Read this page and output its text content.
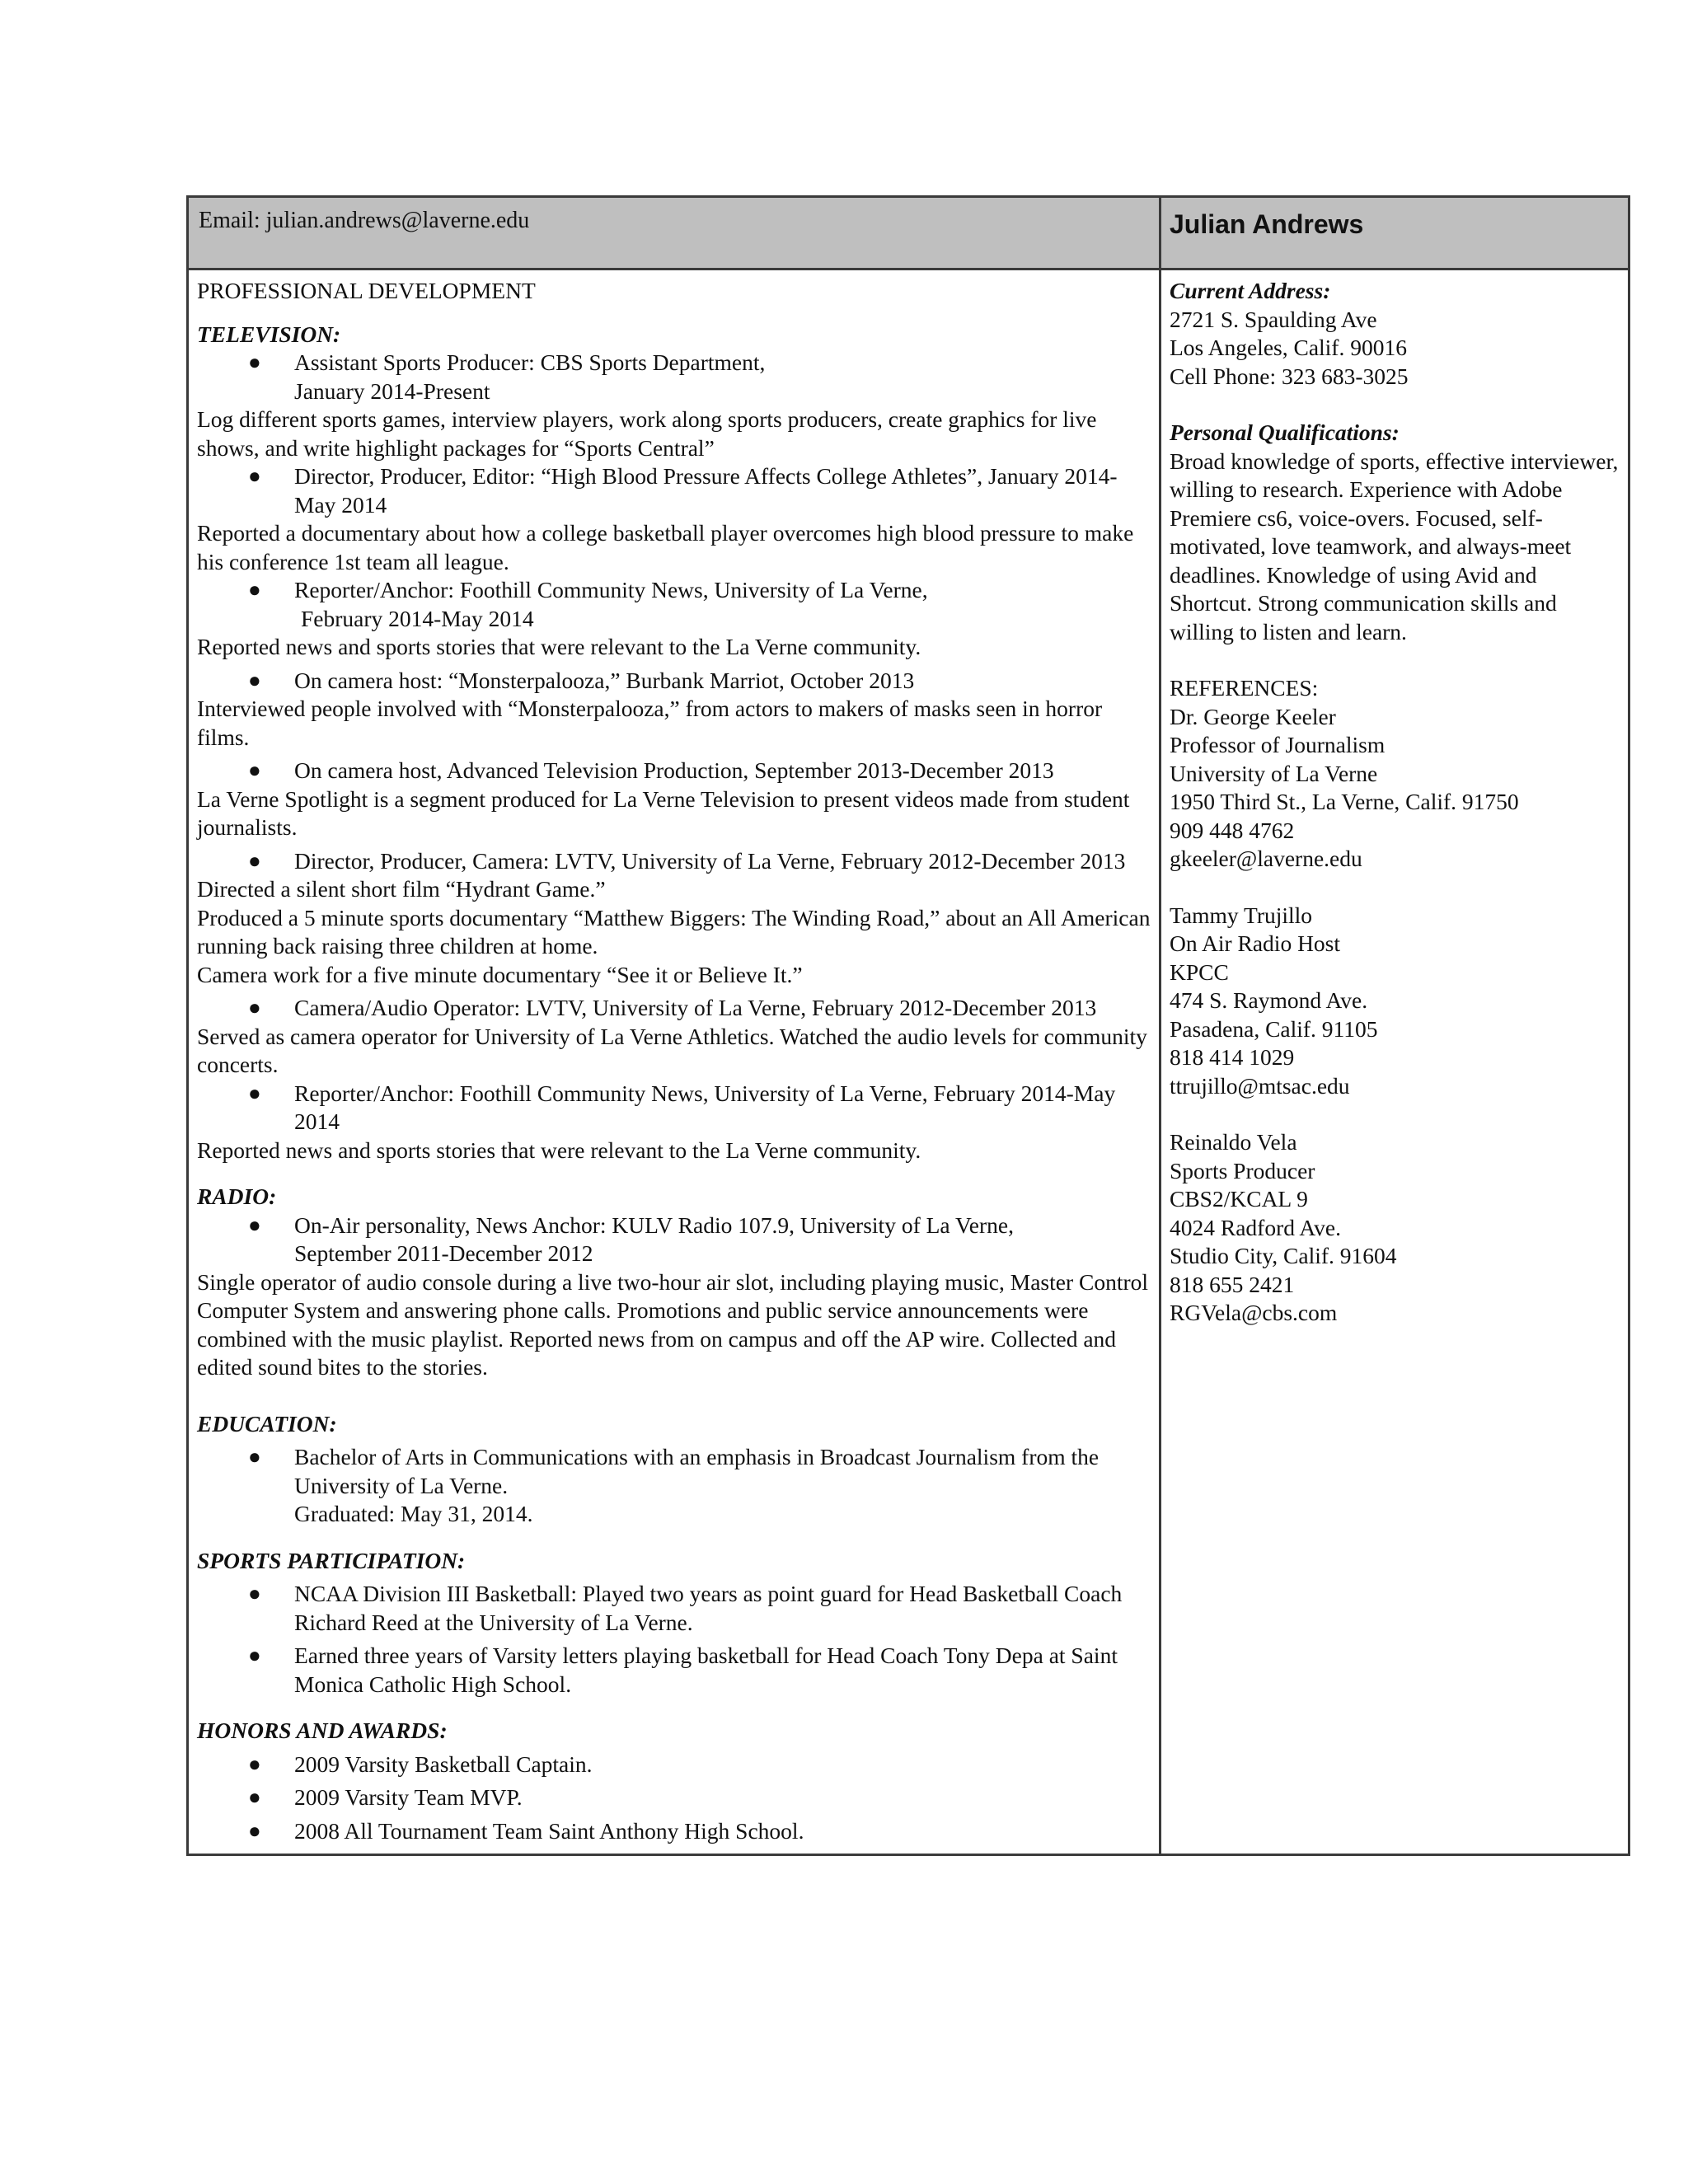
Email: julian.andrews@laverne.edu	Julian Andrews
PROFESSIONAL DEVELOPMENT
TELEVISION:
● Assistant Sports Producer: CBS Sports Department,
January 2014-Present

Log different sports games, interview players, work along sports producers, create graphics for live shows, and write highlight packages for “Sports Central”

● Director, Producer, Editor: “High Blood Pressure Affects College Athletes”, January 2014-May 2014

Reported a documentary about how a college basketball player overcomes high blood pressure to make his conference 1st team all league.

● Reporter/Anchor: Foothill Community News, University of La Verne,
February 2014-May 2014

Reported news and sports stories that were relevant to the La Verne community.

● On camera host: “Monsterpalooza,” Burbank Marriot, October 2013

Interviewed people involved with “Monsterpalooza,” from actors to makers of masks seen in horror films.

● On camera host, Advanced Television Production, September 2013-December 2013

La Verne Spotlight is a segment produced for La Verne Television to present videos made from student journalists.

● Director, Producer, Camera: LVTV, University of La Verne, February 2012-December 2013

Directed a silent short film “Hydrant Game.”

Produced a 5 minute sports documentary “Matthew Biggers: The Winding Road,” about an All American running back raising three children at home.

Camera work for a five minute documentary “See it or Believe It.”

● Camera/Audio Operator: LVTV, University of La Verne, February 2012-December 2013

Served as camera operator for University of La Verne Athletics. Watched the audio levels for community concerts.

● Reporter/Anchor: Foothill Community News, University of La Verne, February 2014-May 2014

Reported news and sports stories that were relevant to the La Verne community.

RADIO:
● On-Air personality, News Anchor: KULV Radio 107.9, University of La Verne,
September 2011-December 2012

Single operator of audio console during a live two-hour air slot, including playing music, Master Control Computer System and answering phone calls. Promotions and public service announcements were combined with the music playlist. Reported news from on campus and off the AP wire. Collected and edited sound bites to the stories.

EDUCATION:
● Bachelor of Arts in Communications with an emphasis in Broadcast Journalism from the University of La Verne.
Graduated: May 31, 2014.
SPORTS PARTICIPATION:
● NCAA Division III Basketball: Played two years as point guard for Head Basketball Coach Richard Reed at the University of La Verne.
● Earned three years of Varsity letters playing basketball for Head Coach Tony Depa at Saint Monica Catholic High School.
HONORS AND AWARDS:
● 2009 Varsity Basketball Captain.
● 2009 Varsity Team MVP.
● 2008 All Tournament Team Saint Anthony High School.
Current Address:
2721 S. Spaulding Ave
Los Angeles, Calif. 90016
Cell Phone: 323 683-3025
Personal Qualifications:
Broad knowledge of sports, effective interviewer, willing to research. Experience with Adobe Premiere cs6, voice-overs. Focused, self-motivated, love teamwork, and always-meet deadlines. Knowledge of using Avid and Shortcut. Strong communication skills and willing to listen and learn.
REFERENCES:
Dr. George Keeler
Professor of Journalism
University of La Verne
1950 Third St., La Verne, Calif. 91750
909 448 4762
gkeeler@laverne.edu
Tammy Trujillo
On Air Radio Host
KPCC
474 S. Raymond Ave.
Pasadena, Calif. 91105
818 414 1029
ttrujillo@mtsac.edu
Reinaldo Vela
Sports Producer
CBS2/KCAL 9
4024 Radford Ave.
Studio City, Calif. 91604
818 655 2421
RGVela@cbs.com
